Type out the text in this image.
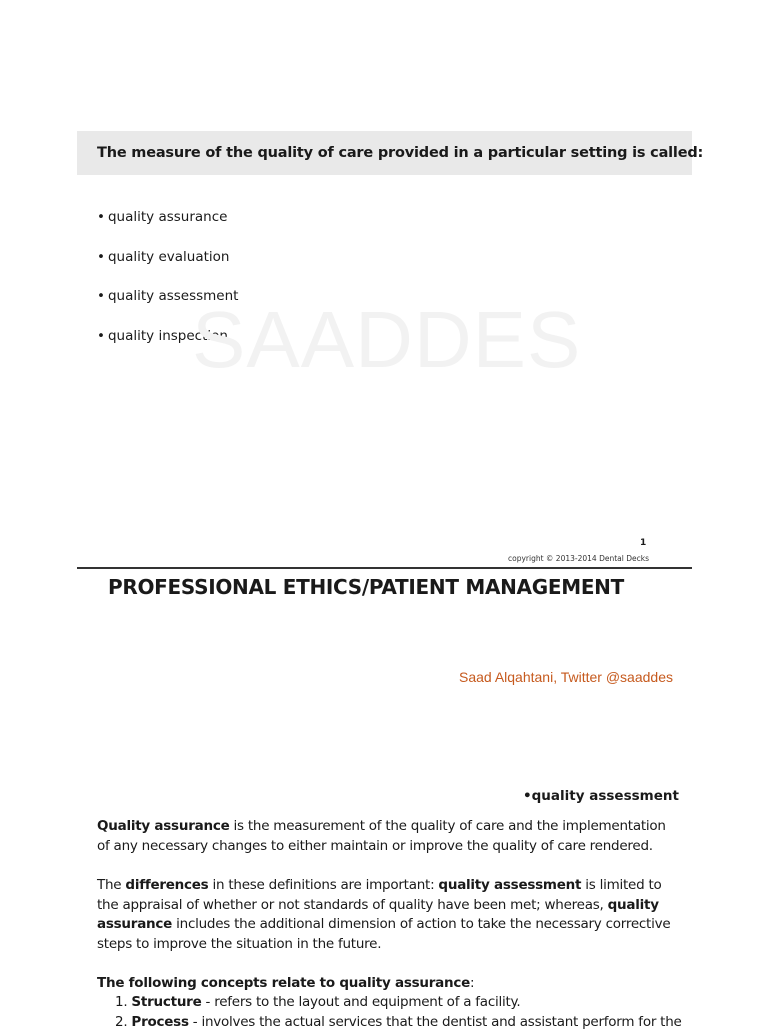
The measure of the quality of care provided in a particular setting is called:
• quality assurance
• quality evaluation
• quality assessment
• quality inspection
SAADDES
1
copyright © 2013-2014 Dental Decks
PROFESSIONAL ETHICS/PATIENT MANAGEMENT
Saad Alqahtani, Twitter @saaddes
• quality assessment

Quality assurance is the measurement of the quality of care and the implementation of any necessary changes to either maintain or improve the quality of care rendered.

The differences in these definitions are important: quality assessment is limited to the appraisal of whether or not standards of quality have been met; whereas, quality assurance includes the additional dimension of action to take the necessary corrective steps to improve the situation in the future.

The following concepts relate to quality assurance:

1. Structure - refers to the layout and equipment of a facility.
2. Process - involves the actual services that the dentist and assistant perform for the
